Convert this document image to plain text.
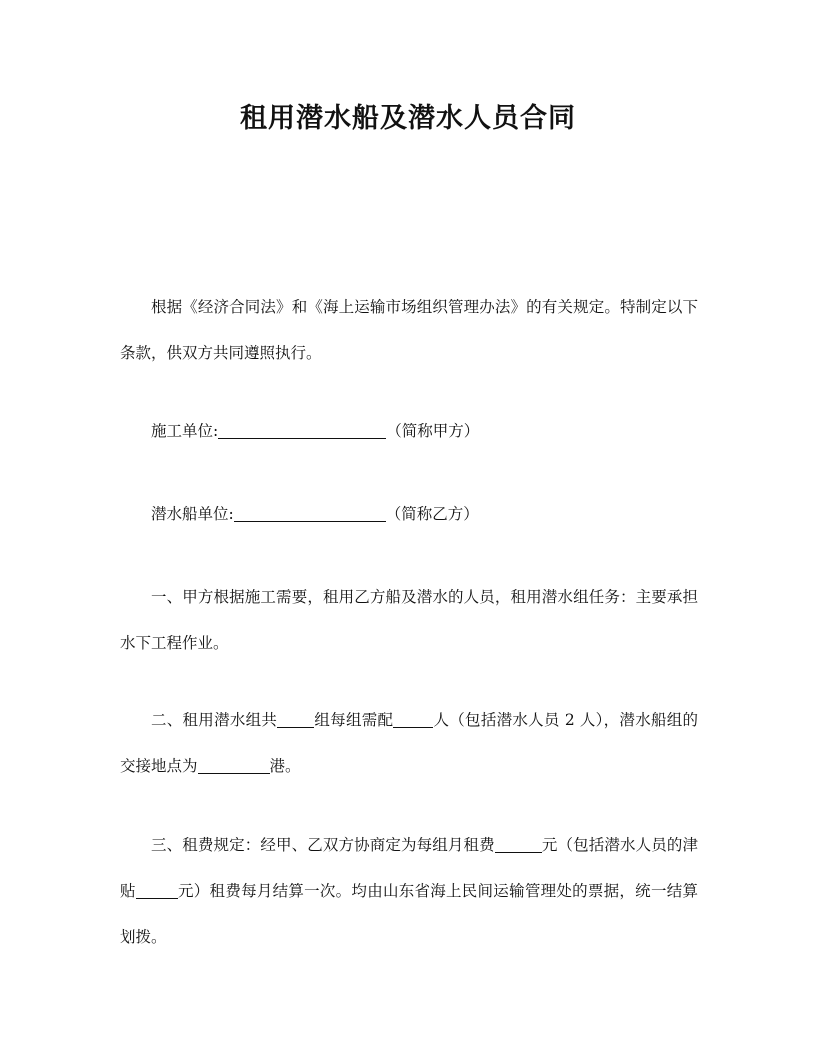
租用潜水船及潜水人员合同

根据《经济合同法》和《海上运输市场组织管理办法》的有关规定。特制定以下条款，供双方共同遵照执行。

施工单位:	（简称甲方）

潜水船单位:	（简称乙方）

一、甲方根据施工需要，租用乙方船及潜水的人员，租用潜水组任务：主要承担水下工程作业。

二、租用潜水组共 组每组需配	人（包括潜水人员 2 人），潜水船组的交接地点为	港。

三、租费规定：经甲、乙双方协商定为每组月租费	元（包括潜水人员的津贴	元）租费每月结算一次。均由山东省海上民间运输管理处的票据，统一结算划拨。
